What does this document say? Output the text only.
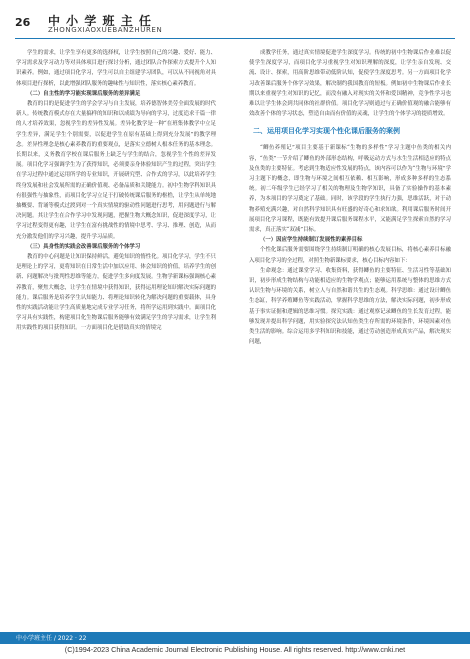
26 中 小 学 班 主 任
ZHONGXIAOXUEBANZHUREN

学生的需求，让学生享有更多的选择权，让学生按照自己的兴趣、爱好、能力、学习需求及学习动力等对具体项目进行探讨分析，通过团队合作探索方式提升个人知识素养。例如，通过项目化学习，学生可以自主组建学习团队，可以从不同视角对具体项目进行探析，以此增强团队服务的趣味性与知识性，落实核心素养教育。

（二）自主性的学习能实现课后服务的差异满足

教育的目的是促进学生的学会学习与自主发展，培养德智体美劳全面发展的时代新人。传统教育模式存在大量搞样的知识和以成绩为导向的学习，过度追求千篇一律的人才培养效果，忽视学生的差异性发展。差异化教学是一种“在班集体教学中立足学生差异，满足学生个别需要，以促进学生在原有基础上得到充分发展”的教学理念。差异性理念是核心素养教育的重要观点，是落实立德树人根本任务的基本理念。长期以来，义务教育学校在课后服务上缺乏与学生的结合，忽视学生个性的差异发展。项目化学习强调学生为了获得知识，必须要亲身体验知识产生的过程，突出学生在学习过程中通过运用所学的专业知识，开展研究型、合作式的学习，以此培养学生终身发展和社会发展所需的正确价值观、必备品质和关键能力。初中生物学科知识具有很强性与抽象性，而项目化学习立足于打破传统课后服务的枢梏，让学生从单纯地抽概要、背诵等模式过渡到对一个真实情境的驱动性问题进行思考，用问题进行与解决问题。其让学生在合作学习中发现问题，把握生物大概念知识，促进深度学习，让学习过程变得更有趣，让学生在富有挑战性的情境中思考、学习、推理、创造，从而充分激发他们的学习兴趣，提升学习品质。

（三）具身性的实践会改善课后服务的个体学习

教育的中心问题是让知识保持鲜活，避免知识的惰性化。项目化学习，学生不只是理论上的学习，更将知识在日常生活中加以应用、体会知识的价值，培养学生的创新、问题解决与批判性思维等能力，促进学生多向度发展。生物学新课标强调核心素养教育，聚焦大概念，让学生在情境中获得知识，获得运用理论知识解决实际问题的能力。课后服务是培养学生认知能力、将理论知识转化为解决问题的重要载体，具身性的实践活动能让学生高质量地完成专业学习任务，将所学运用到实践中。面项目化学习具有实践性，构建项目化生物课后服务能够有效满足学生的学习需求，让学生利用实践性的项目获得知识。一方面项目化是借助真实的情境完

成教学任务，通过真实情境促进学生深度学习。传统的初中生物课后作业难以促使学生深度学习，而项目化学习重视学生对知识理解的深度，让学生亲自发现、交流、设计、探索，用高阶思维带动低阶认知，促使学生深度思考。另一方面项目化学习改善课后服务个体学习效果，解决制约我国教育的短板。例如初中生物课后作业长期以来重视学生对知识的记忆，而没有融入对现实的关怀和爱国精神，竞争性学习也难以让学生体会到共同体的社群价值。项目化学习则通过与正确价值观的融合能够有效改善个体的学习状态，塑造自由而有价值的灵魂，让学生的个体学习的提质增效。

二、运用项目化学习实现个性化课后服务的案例

“鲫鱼养殖记”项目主要基于新课标“生物的多样性”学习主题中鱼类的相关内容，“鱼类”一节介绍了鲫鱼的外部形态结构，呼吸运动方式与水生生活相适应的特点及鱼类的主要特征。考虑到生物适应性发展的特点，该内容可以作为“生物与环境”学习主题下的概念，即生物与环境之间相互依赖、相互影响，形成多种多样的生态系统。初二年级学生已经学习了相关的物理及生物学知识，具备了实验操作的基本素养，为本项目的学习奠定了基础。同时，该学段的学生执行力强，思维活跃，对于动物养殖充满兴趣，对自然科学知识具有旺盛的好奇心和求知欲。利用课后服务时间开展项目化学习课程，既能有效提升课后服务课程水平，又能满足学生探索自然的学习需求，真正落实“双减”目标。

（一）因应学生持续制订发展性的素养目标

个性化课后服务需要围绕学生持续制订明确的核心发展目标，将核心素养目标融入项目化学习的全过程，对照生物新课标要求，核心目标内容如下：

生命观念：通过课堂学习、收集资料，获得鲫鱼的主要特征、生活习性等基础知识，初步形成生物结构与功能相适应的生物学观点；能够运用系统与整体的思维方式认识生物与环境的关系，树立人与自然和谐共生的生态观。科学思维：通过设计鲫鱼生态缸，科学养殖鲫鱼等实践活动，掌握科学思维的方法，解决实际问题，初步形成基于事实证据和逻辑的思维习惯。探究实践：通过观察记录鲫鱼的生长发育过程，能够发现并提出科学问题，用实验探究法认知鱼类生存所需的环境条件，环境因素对鱼类生活的影响。综合运用多学科知识和技能，通过劳动创造形成真实产品，解决现实问题，

中小学班主任 / 2022 · 22
(C)1994-2023 China Academic Journal Electronic Publishing House. All rights reserved. http://www.cnki.net
